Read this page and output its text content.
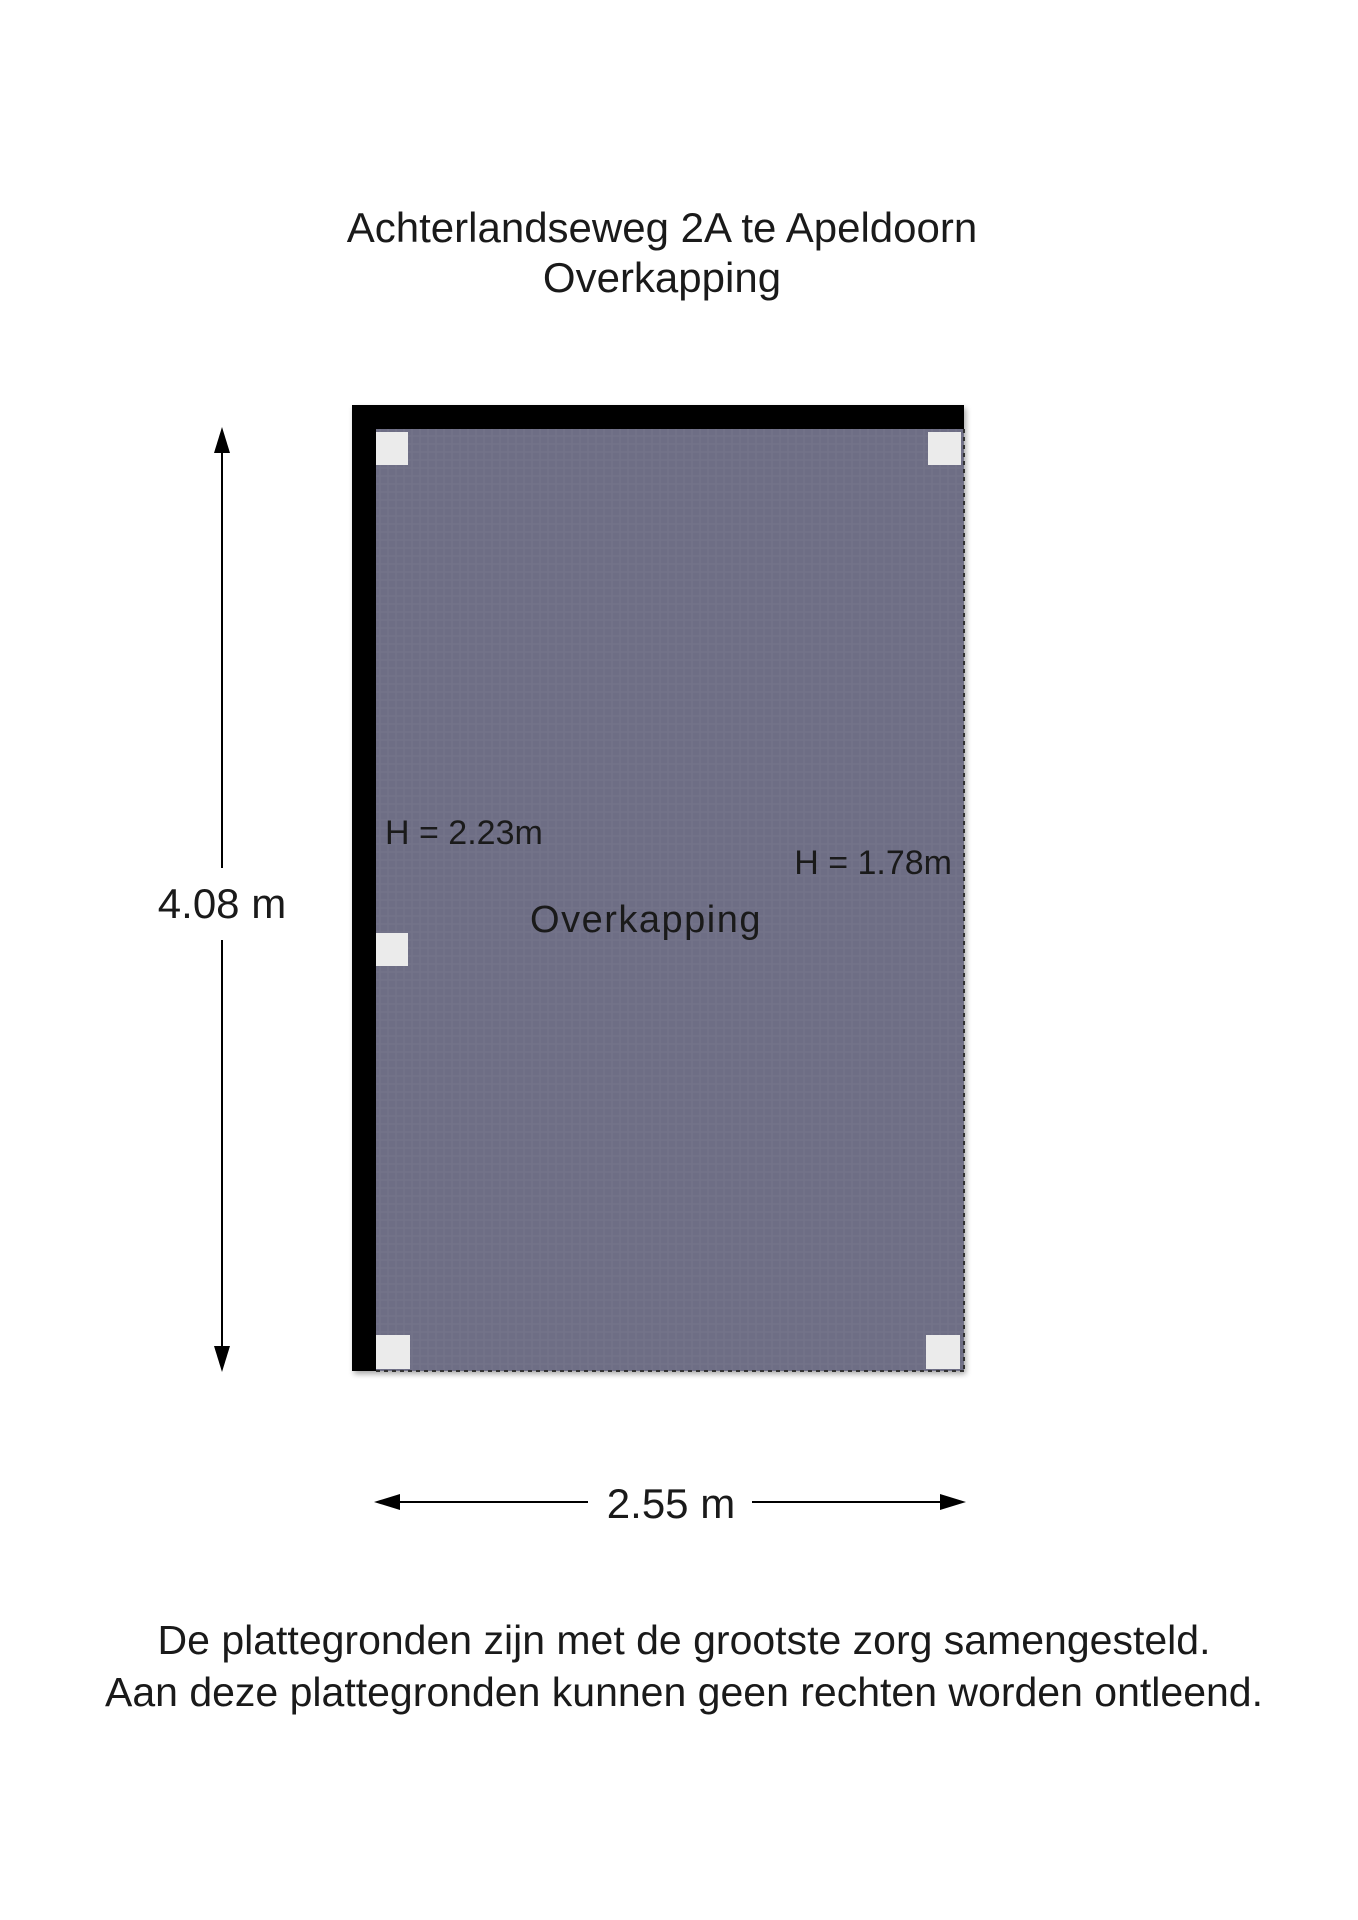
Achterlandseweg 2A te Apeldoorn
Overkapping
H = 2.23m
H = 1.78m
Overkapping
4.08 m
2.55 m
De plattegronden zijn met de grootste zorg samengesteld.
Aan deze plattegronden kunnen geen rechten worden ontleend.
